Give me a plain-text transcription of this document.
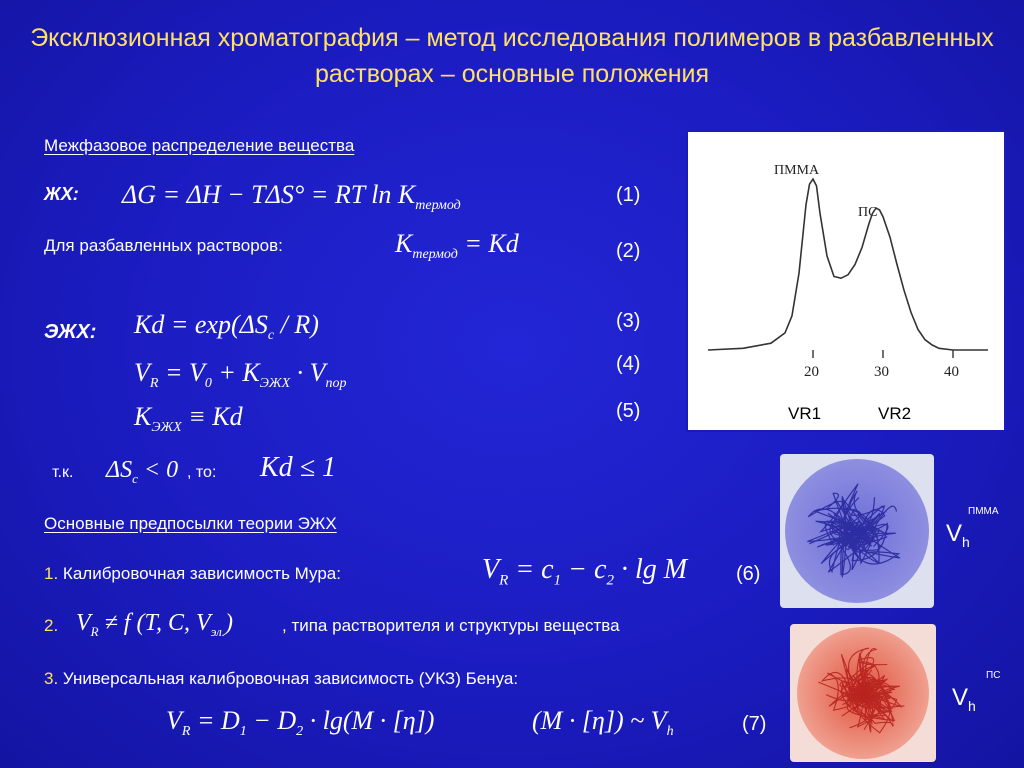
Эксклюзионная хроматография – метод исследования полимеров в разбавленных растворах – основные положения
Межфазовое распределение вещества
ЖХ: ΔG = ΔH − TΔS° = RT $\ln K_{термод}$	(1)
Для разбавленных растворов:	$K_{термод} = Kd$	(2)
ЭЖХ: $Kd = \exp(\Delta S_c / R)$
$V_R = V_0 + K_{ЭЖХ} \cdot V_{пор}$
$K_{ЭЖХ} \equiv Kd$
(3)
(4)
(5)
т.к. $\Delta S_c < 0$ , то: Kd ≤ 1
Основные предпосылки теории ЭЖХ
1. Калибровочная зависимость Мура:	$V_R = c_1 - c_2 \cdot \lg M$ (6)
2. $V_R \ne f$ (T, C, $V_{эл.}$)	, типа растворителя и структуры вещества
3. Универсальная калибровочная зависимость (УКЗ) Бенуа:
$V_R = D_1 - D_2 \cdot \lg(M \cdot [\eta])$	(M · [η]) ~ $V_h$	(7)
20	30	40
ПММА
ПС
VR1	VR2
$V_h$
ПММА
$V_h$
ПС
